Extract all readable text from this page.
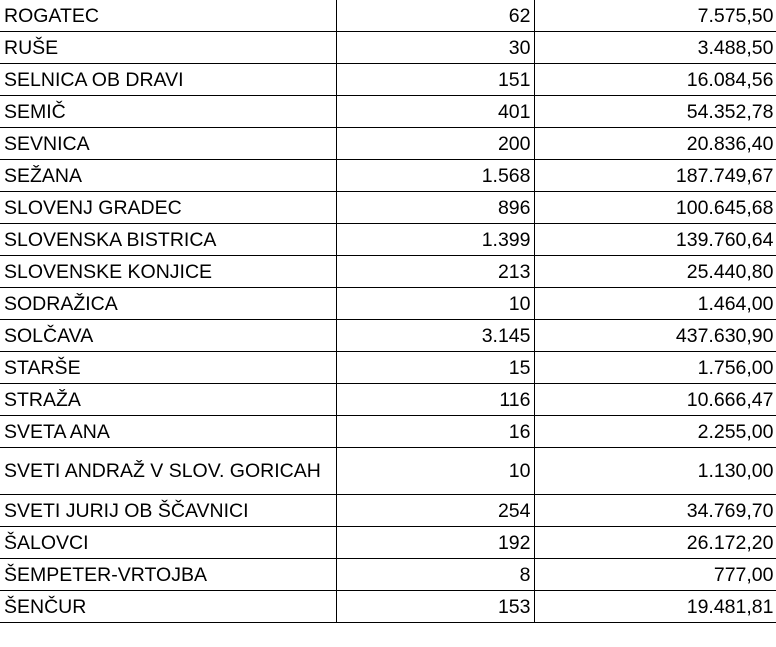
ROGATEC	62	7.575,50
RUŠE	30	3.488,50
SELNICA OB DRAVI	151	16.084,56
SEMIČ	401	54.352,78
SEVNICA	200	20.836,40
SEŽANA	1.568	187.749,67
SLOVENJ GRADEC	896	100.645,68
SLOVENSKA BISTRICA	1.399	139.760,64
SLOVENSKE KONJICE	213	25.440,80
SODRAŽICA	10	1.464,00
SOLČAVA	3.145	437.630,90
STARŠE	15	1.756,00
STRAŽA	116	10.666,47
SVETA ANA	16	2.255,00
SVETI ANDRAŽ V SLOV. GORICAH	10	1.130,00
SVETI JURIJ OB ŠČAVNICI	254	34.769,70
ŠALOVCI	192	26.172,20
ŠEMPETER-VRTOJBA	8	777,00
ŠENČUR	153	19.481,81
